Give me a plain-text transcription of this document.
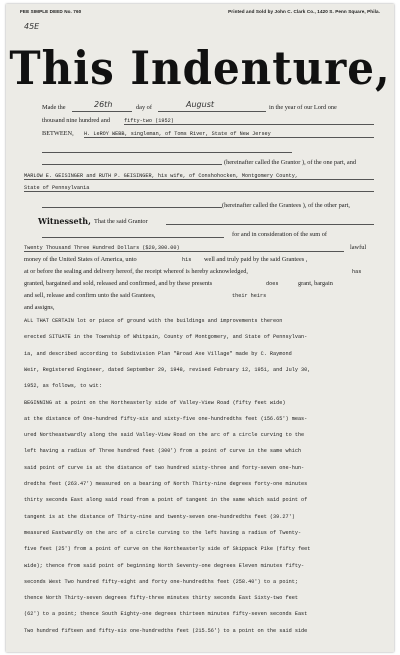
FEE SIMPLE DEED No. 760	Printed and Sold by John C. Clark Co., 1420 S. Penn Square, Phila.
45E
This Indenture,
Made the	26th	day of	August	in the year of our Lord one
thousand nine hundred and	fifty-two (1952)
BETWEEN, H. LeROY WEBB, singleman, of Toms River, State of New Jersey
(hereinafter called the Grantor ), of the one part, and
MARLOW E. GEISINGER and RUTH P. GEISINGER, his wife, of Conshohocken, Montgomery County,
State of Pennsylvania
(hereinafter called the Grantees ), of the other part,
Witnesseth, That the said Grantor
for and in consideration of the sum of
Twenty Thousand Three Hundred Dollars ($20,300.00)	lawful
money of the United States of America, unto	his well and truly paid by the said Grantees ,
at or before the sealing and delivery hereof, the receipt whereof is hereby acknowledged,	has
granted, bargained and sold, released and confirmed, and by these presents	does	grant, bargain
and sell, release and confirm unto the said Grantees,	their heirs
and assigns,
ALL THAT CERTAIN lot or piece of ground with the buildings and improvements thereon
erected SITUATE in the Township of Whitpain, County of Montgomery, and State of Pennsylvan-
ia, and described according to Subdivision Plan "Broad Axe Village" made by C. Raymond
Weir, Registered Engineer, dated September 29, 1948, revised February 12, 1951, and July 30,
1952, as follows, to wit:
BEGINNING at a point on the Northeasterly side of Valley-View Road (fifty feet wide)
at the distance of One-hundred fifty-six and sixty-five one-hundredths feet (156.65') meas-
ured Northeastwardly along the said Valley-View Road on the arc of a circle curving to the
left having a radius of Three hundred feet (300') from a point of curve in the same which
said point of curve is at the distance of two hundred sixty-three and forty-seven one-hun-
dredths feet (263.47') measured on a bearing of North Thirty-nine degrees forty-one minutes
thirty seconds East along said road from a point of tangent in the same which said point of
tangent is at the distance of Thirty-nine and twenty-seven one-hundredths feet (39.27')
measured Eastwardly on the arc of a circle curving to the left having a radius of Twenty-
five feet (25') from a point of curve on the Northeasterly side of Skippack Pike (fifty feet
wide); thence from said point of beginning North Seventy-one degrees Eleven minutes fifty-
seconds West Two hundred fifty-eight and forty one-hundredths feet (258.40') to a point;
thence North Thirty-seven degrees fifty-three minutes thirty seconds East Sixty-two feet
(62') to a point; thence South Eighty-one degrees thirteen minutes fifty-seven seconds East
Two hundred fifteen and fifty-six one-hundredths feet (215.56') to a point on the said side
